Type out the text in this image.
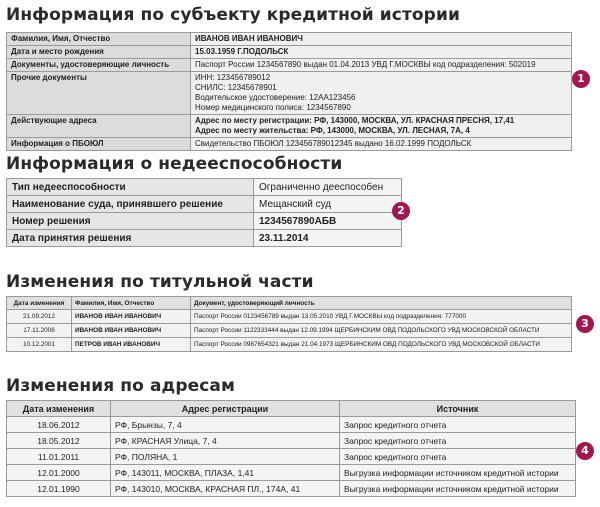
Информация по субъекту кредитной истории
Фамилия, Имя, Отчество	ИВАНОВ ИВАН ИВАНОВИЧ
Дата и место рождения	15.03.1959 Г.ПОДОЛЬСК
Документы, удостоверяющие личность	Паспорт России 1234567890 выдан 01.04.2013 УВД Г.МОСКВЫ код подразделения: 502019
Прочие документы	ИНН: 123456789012
СНИЛС: 12345678901
Водительское удостоверение: 12AA123456
Номер медицинского полиса: 1234567890

Действующие адреса	Адрес по месту регистрации: РФ, 143000, МОСКВА, УЛ. КРАСНАЯ ПРЕСНЯ, 17,41
Адрес по месту жительства: РФ, 143000, МОСКВА, УЛ. ЛЕСНАЯ, 7А, 4

Информация о ПБОЮЛ	Свидетельство ПБОЮЛ 123456789012345 выдано 16.02.1999 ПОДОЛЬСК
1
Информация о недееспособности
Тип недееспособности	Ограниченно дееспособен
Наименование суда, принявшего решение	Мещанский суд
Номер решения	1234567890АБВ
Дата принятия решения	23.11.2014
2
Изменения по титульной части
Дата изменения	Фамилия, Имя, Отчество	Документ, удостоверяющий личность
21.09.2012	ИВАНОВ ИВАН ИВАНОВИЧ	Паспорт России 0123456789 выдан 13.05.2010 УВД Г.МОСКВЫ код подразделения: 777000
17.11.2006	ИВАНОВ ИВАН ИВАНОВИЧ	Паспорт России 1122333444 выдан 12.09.1994 ЩЕРБИНСКИМ ОВД ПОДОЛЬСКОГО УВД МОСКОВСКОЙ ОБЛАСТИ
10.12.2001	ПЕТРОВ ИВАН ИВАНОВИЧ	Паспорт России 0987654321 выдан 21.04.1973 ЩЕРБИНСКИМ ОВД ПОДОЛЬСКОГО УВД МОСКОВСКОЙ ОБЛАСТИ
3
Изменения по адресам
Дата изменения	Адрес регистрации	Источник
18.06.2012	РФ, Брынзы, 7, 4	Запрос кредитного отчета
18.05.2012	РФ, КРАСНАЯ Улица, 7, 4	Запрос кредитного отчета
11.01.2011	РФ, ПОЛЯНА, 1	Запрос кредитного отчета
12.01.2000	РФ, 143011, МОСКВА, ПЛАЗА, 1,41	Выгрузка информации источником кредитной истории
12.01.1990	РФ, 143010, МОСКВА, КРАСНАЯ ПЛ., 174А, 41	Выгрузка информации источником кредитной истории
4
